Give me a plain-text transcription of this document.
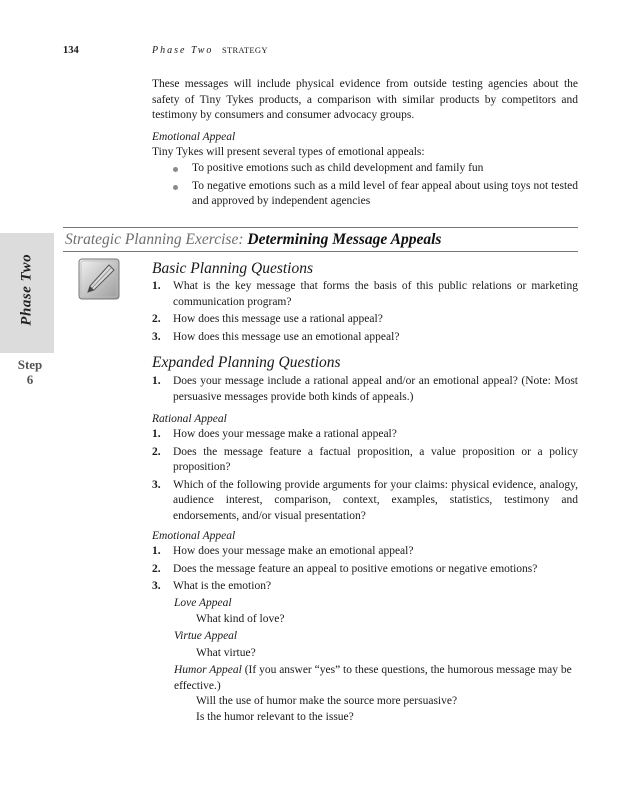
134	Phase Two STRATEGY
These messages will include physical evidence from outside testing agencies about the safety of Tiny Tykes products, a comparison with similar products by competitors and testimony by consumers and consumer advocacy groups.
Emotional Appeal
Tiny Tykes will present several types of emotional appeals:
To positive emotions such as child development and family fun
To negative emotions such as a mild level of fear appeal about using toys not tested and approved by independent agencies
Phase Two
Step
6
Strategic Planning Exercise: Determining Message Appeals
Basic Planning Questions
1. What is the key message that forms the basis of this public relations or marketing communication program?
2. How does this message use a rational appeal?
3. How does this message use an emotional appeal?
Expanded Planning Questions
1. Does your message include a rational appeal and/or an emotional appeal? (Note: Most persuasive messages provide both kinds of appeals.)
Rational Appeal
1. How does your message make a rational appeal?
2. Does the message feature a factual proposition, a value proposition or a policy proposition?
3. Which of the following provide arguments for your claims: physical evidence, analogy, audience interest, comparison, context, examples, statistics, testimony and endorsements, and/or visual presentation?
Emotional Appeal
1. How does your message make an emotional appeal?
2. Does the message feature an appeal to positive emotions or negative emotions?
3. What is the emotion?
Love Appeal
What kind of love?
Virtue Appeal
What virtue?
Humor Appeal (If you answer “yes” to these questions, the humorous message may be effective.)
Will the use of humor make the source more persuasive?
Is the humor relevant to the issue?
